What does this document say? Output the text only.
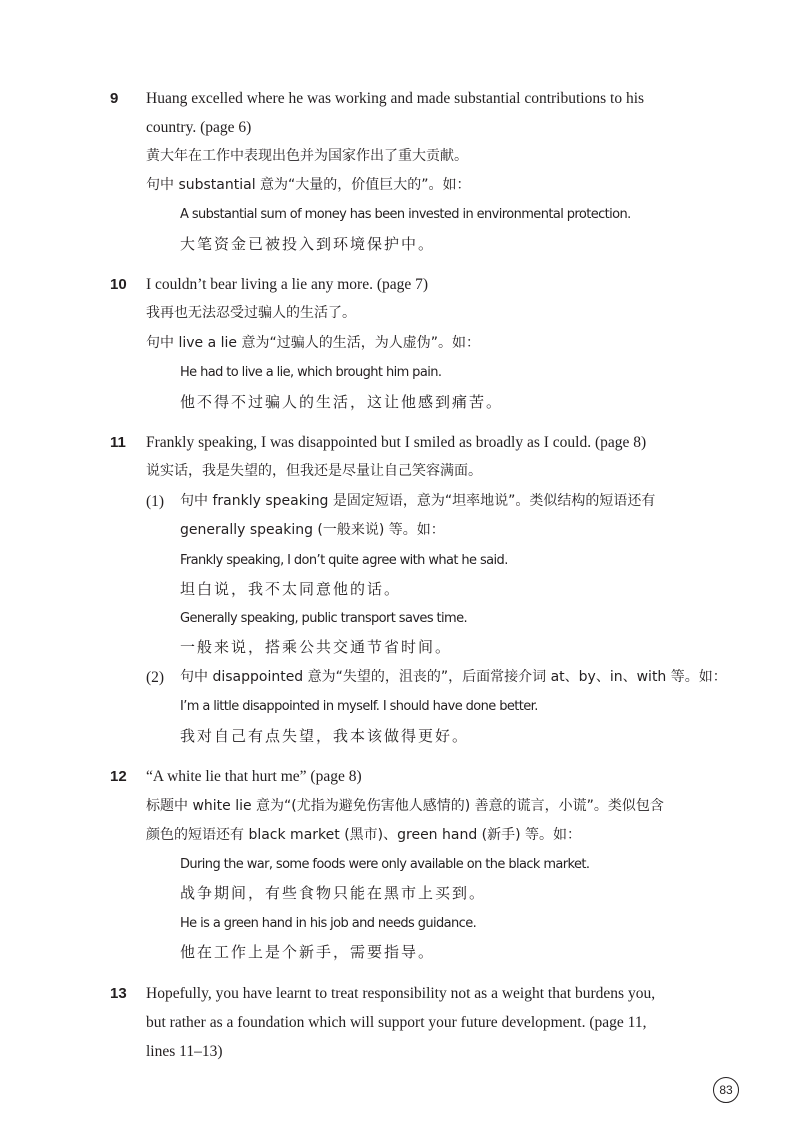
9 Huang excelled where he was working and made substantial contributions to his
country. (page 6)
黄大年在工作中表现出色并为国家作出了重大贡献。
句中 substantial 意为“大量的，价值巨大的”。如：
A substantial sum of money has been invested in environmental protection.
大笔资金已被投入到环境保护中。
10 I couldn’t bear living a lie any more. (page 7)
我再也无法忍受过骗人的生活了。
句中 live a lie 意为“过骗人的生活，为人虚伪”。如：
He had to live a lie, which brought him pain.
他不得不过骗人的生活，这让他感到痛苦。
11 Frankly speaking, I was disappointed but I smiled as broadly as I could. (page 8)
说实话，我是失望的，但我还是尽量让自己笑容满面。
(1) 句中 frankly speaking 是固定短语，意为“坦率地说”。类似结构的短语还有
generally speaking (一般来说) 等。如：
Frankly speaking, I don’t quite agree with what he said.
坦白说，我不太同意他的话。
Generally speaking, public transport saves time.
一般来说，搭乘公共交通节省时间。
(2) 句中 disappointed 意为“失望的，沮丧的”，后面常接介词 at、by、in、with 等。如：
I’m a little disappointed in myself. I should have done better.
我对自己有点失望，我本该做得更好。
12 “A white lie that hurt me” (page 8)
标题中 white lie 意为“(尤指为避免伤害他人感情的) 善意的谎言，小谎”。类似包含
颜色的短语还有 black market (黑市)、green hand (新手) 等。如：
During the war, some foods were only available on the black market.
战争期间，有些食物只能在黑市上买到。
He is a green hand in his job and needs guidance.
他在工作上是个新手，需要指导。
13 Hopefully, you have learnt to treat responsibility not as a weight that burdens you,
but rather as a foundation which will support your future development. (page 11,
lines 11–13)
83
